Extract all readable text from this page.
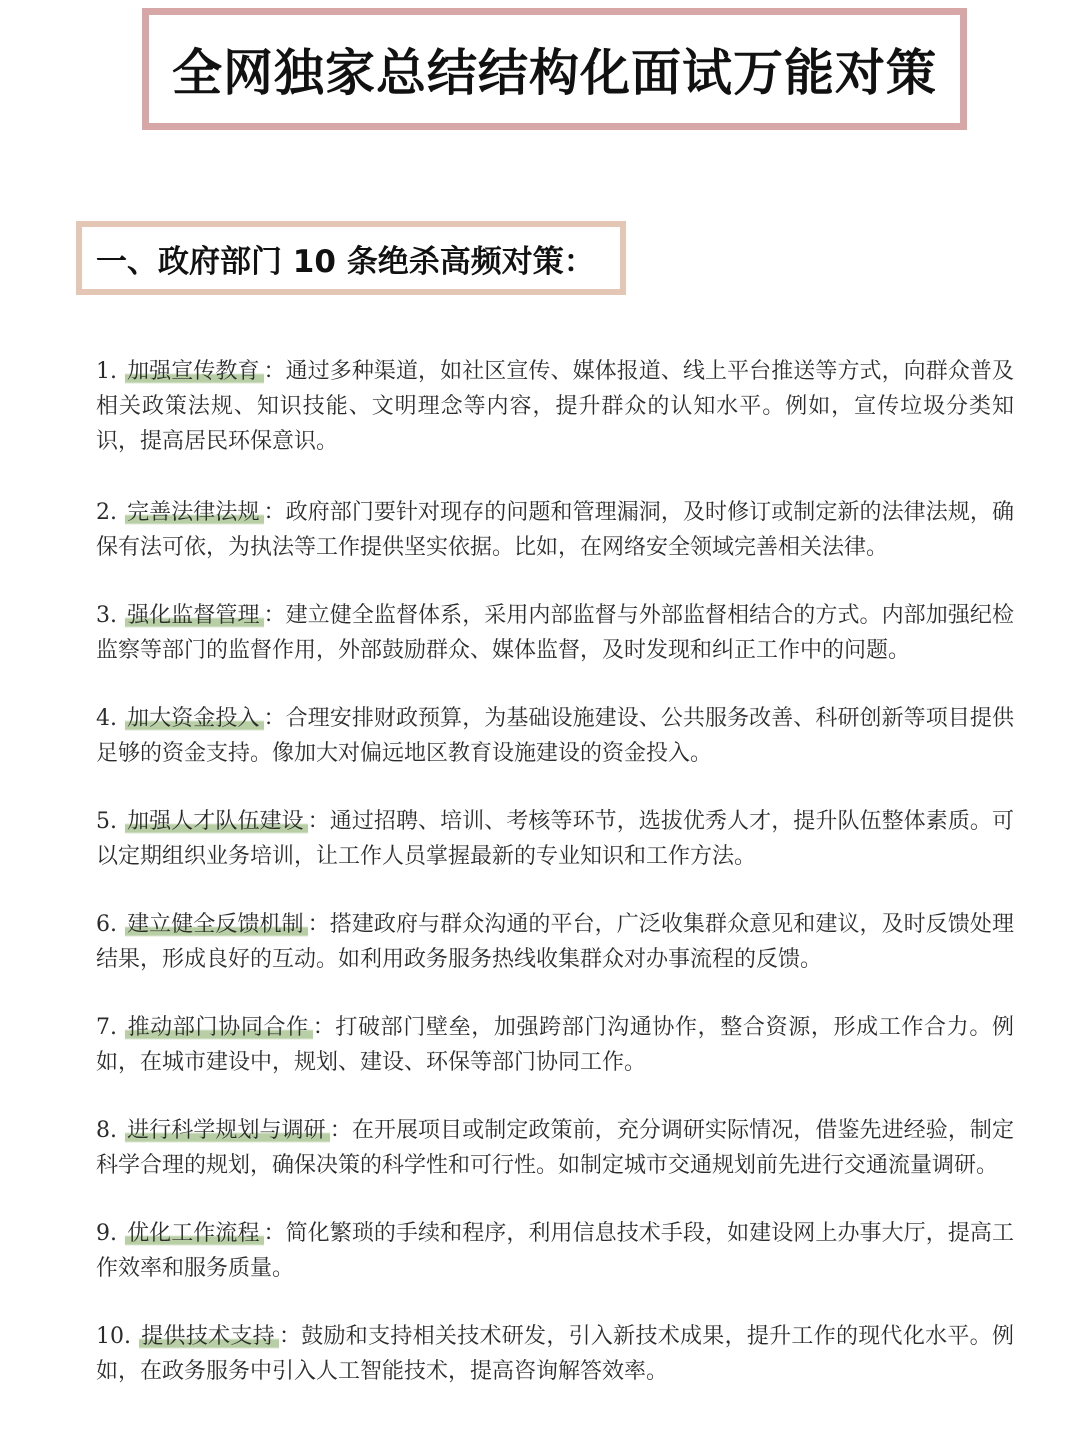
全网独家总结结构化面试万能对策
一、政府部门 10 条绝杀高频对策：

1. 加强宣传教育 ：通过多种渠道，如社区宣传、媒体报道、线上平台推送等方式，向群众普及相关政策法规、知识技能、文明理念等内容，提升群众的认知水平。例如，宣传垃圾分类知识，提高居民环保意识。

2. 完善法律法规 ：政府部门要针对现存的问题和管理漏洞，及时修订或制定新的法律法规，确保有法可依，为执法等工作提供坚实依据。比如，在网络安全领域完善相关法律。

3. 强化监督管理 ：建立健全监督体系，采用内部监督与外部监督相结合的方式。内部加强纪检监察等部门的监督作用，外部鼓励群众、媒体监督，及时发现和纠正工作中的问题。

4. 加大资金投入 ：合理安排财政预算，为基础设施建设、公共服务改善、科研创新等项目提供足够的资金支持。像加大对偏远地区教育设施建设的资金投入。

5. 加强人才队伍建设 ：通过招聘、培训、考核等环节，选拔优秀人才，提升队伍整体素质。可以定期组织业务培训，让工作人员掌握最新的专业知识和工作方法。

6. 建立健全反馈机制 ：搭建政府与群众沟通的平台，广泛收集群众意见和建议，及时反馈处理结果，形成良好的互动。如利用政务服务热线收集群众对办事流程的反馈。

7. 推动部门协同合作 ：打破部门壁垒，加强跨部门沟通协作，整合资源，形成工作合力。例如，在城市建设中，规划、建设、环保等部门协同工作。

8. 进行科学规划与调研 ：在开展项目或制定政策前，充分调研实际情况，借鉴先进经验，制定科学合理的规划，确保决策的科学性和可行性。如制定城市交通规划前先进行交通流量调研。

9. 优化工作流程 ：简化繁琐的手续和程序，利用信息技术手段，如建设网上办事大厅，提高工作效率和服务质量。

10. 提供技术支持 ：鼓励和支持相关技术研发，引入新技术成果，提升工作的现代化水平。例如，在政务服务中引入人工智能技术，提高咨询解答效率。
